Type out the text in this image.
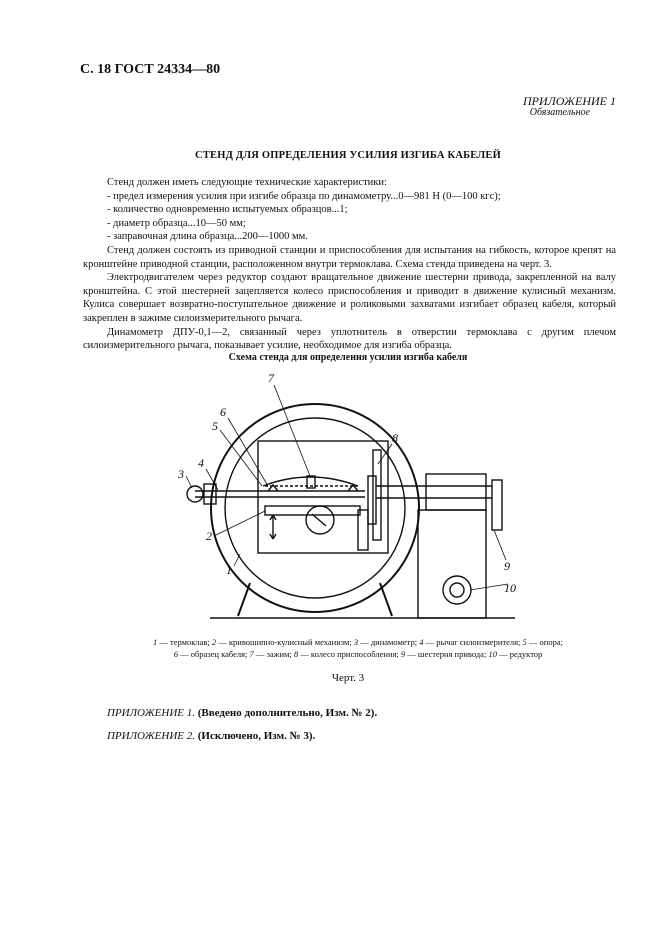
С. 18 ГОСТ 24334—80
ПРИЛОЖЕНИЕ 1
Обязательное
СТЕНД ДЛЯ ОПРЕДЕЛЕНИЯ УСИЛИЯ ИЗГИБА КАБЕЛЕЙ

Стенд должен иметь следующие технические характеристики:

- предел измерения усилия при изгибе образца по динамометру...0—981 Н (0—100 кгс);

- количество одновременно испытуемых образцов...1;

- диаметр образца...10—50 мм;

- заправочная длина образца...200—1000 мм.

Стенд должен состоять из приводной станции и приспособления для испытания на гибкость, которое крепят на кронштейне приводной станции, расположенном внутри термоклава. Схема стенда приведена на черт. 3.

Электродвигателем через редуктор создают вращательное движение шестерни привода, закрепленной на валу кронштейна. С этой шестерней зацепляется колесо приспособления и приводит в движение кулисный механизм. Кулиса совершает возвратно-поступательное движение и роликовыми захватами изгибает образец кабеля, который закреплен в зажиме силоизмерительного рычага.

Динамометр ДПУ-0,1—2, связанный через уплотнитель в отверстии термоклава с другим плечом силоизмерительного рычага, показывает усилие, необходимое для изгиба образца.

Схема стенда для определения усилия изгиба кабеля
7
6
5
4
3
2
1
8
9
10
1 — термоклав; 2 — кривошипно-кулисный механизм; 3 — динамометр; 4 — рычаг силоизмерителя; 5 — опора;
6 — образец кабеля; 7 — зажим; 8 — колесо приспособления; 9 — шестерня привода; 10 — редуктор
Черт. 3
ПРИЛОЖЕНИЕ 1. (Введено дополнительно, Изм. № 2).
ПРИЛОЖЕНИЕ 2. (Исключено, Изм. № 3).
